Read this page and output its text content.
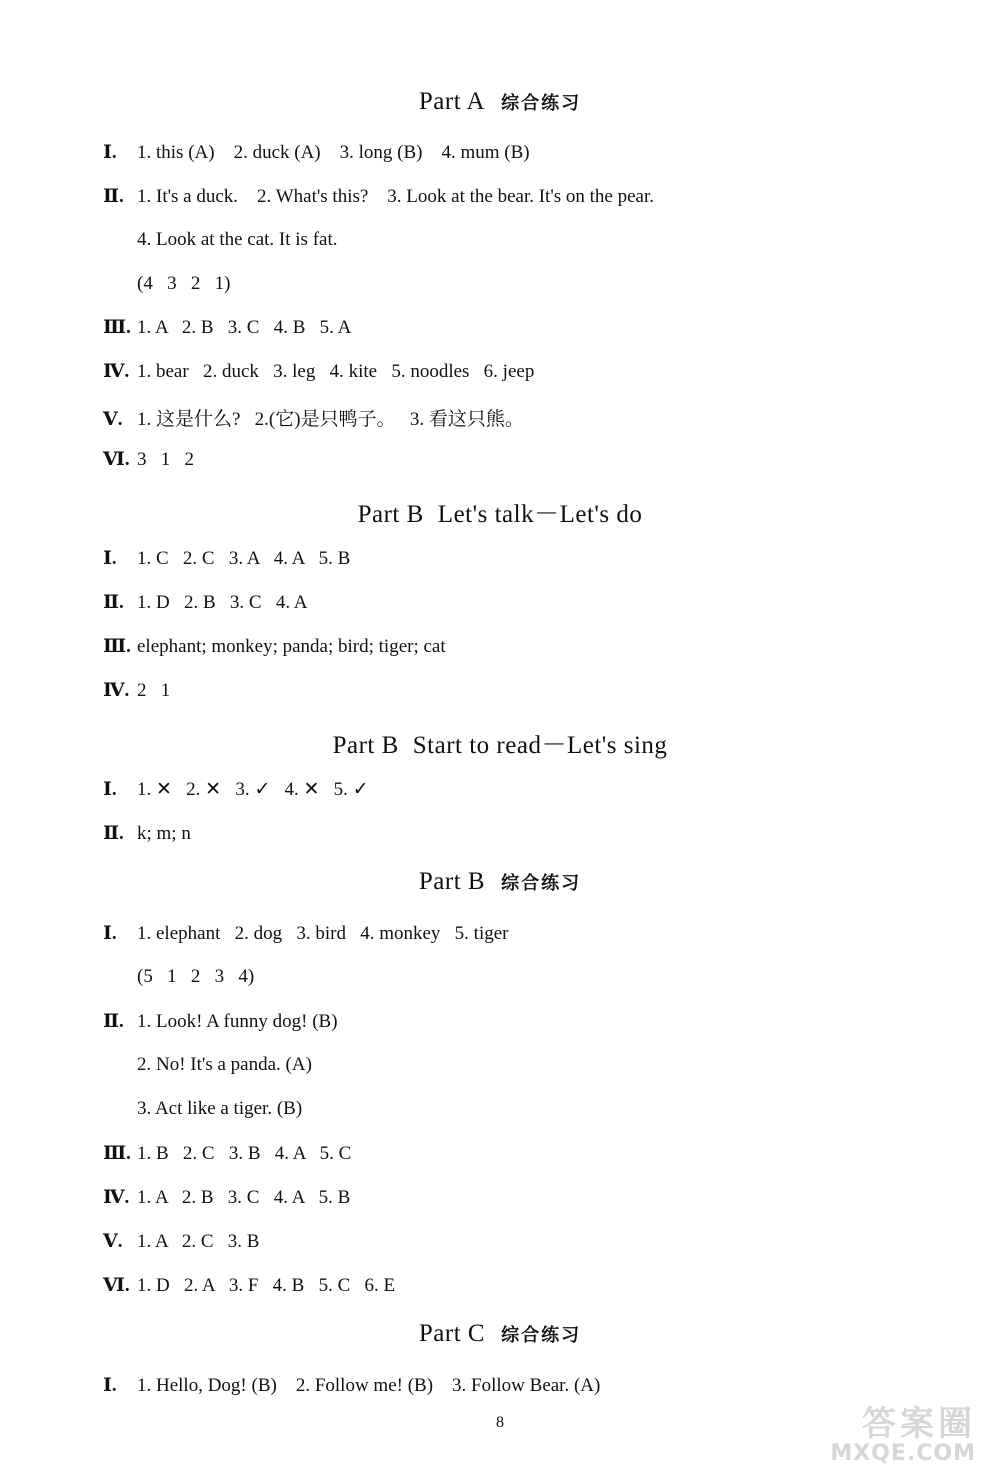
Part A 综合练习
Ⅰ. 1. this (A)    2. duck (A)    3. long (B)    4. mum (B)
Ⅱ. 1. It's a duck.    2. What's this?    3. Look at the bear. It's on the pear.
4. Look at the cat. It is fat.
(4   3   2   1)
Ⅲ. 1. A   2. B   3. C   4. B   5. A
Ⅳ. 1. bear   2. duck   3. leg   4. kite   5. noodles   6. jeep
Ⅴ. 1. 这是什么?   2.(它)是只鸭子。   3. 看这只熊。
Ⅵ. 3   1   2
Part B Let's talk－Let's do
Ⅰ. 1. C   2. C   3. A   4. A   5. B
Ⅱ. 1. D   2. B   3. C   4. A
Ⅲ. elephant; monkey; panda; bird; tiger; cat
Ⅳ. 2   1
Part B Start to read－Let's sing
Ⅰ. 1. ✕   2. ✕   3. ✓   4. ✕   5. ✓
Ⅱ. k; m; n
Part B 综合练习
Ⅰ. 1. elephant   2. dog   3. bird   4. monkey   5. tiger
(5   1   2   3   4)
Ⅱ. 1. Look! A funny dog! (B)
2. No! It's a panda. (A)
3. Act like a tiger. (B)
Ⅲ. 1. B   2. C   3. B   4. A   5. C
Ⅳ. 1. A   2. B   3. C   4. A   5. B
Ⅴ. 1. A   2. C   3. B
Ⅵ. 1. D   2. A   3. F   4. B   5. C   6. E
Part C 综合练习
Ⅰ. 1. Hello, Dog! (B)    2. Follow me! (B)    3. Follow Bear. (A)
8	答案圈
MXQE.COM
